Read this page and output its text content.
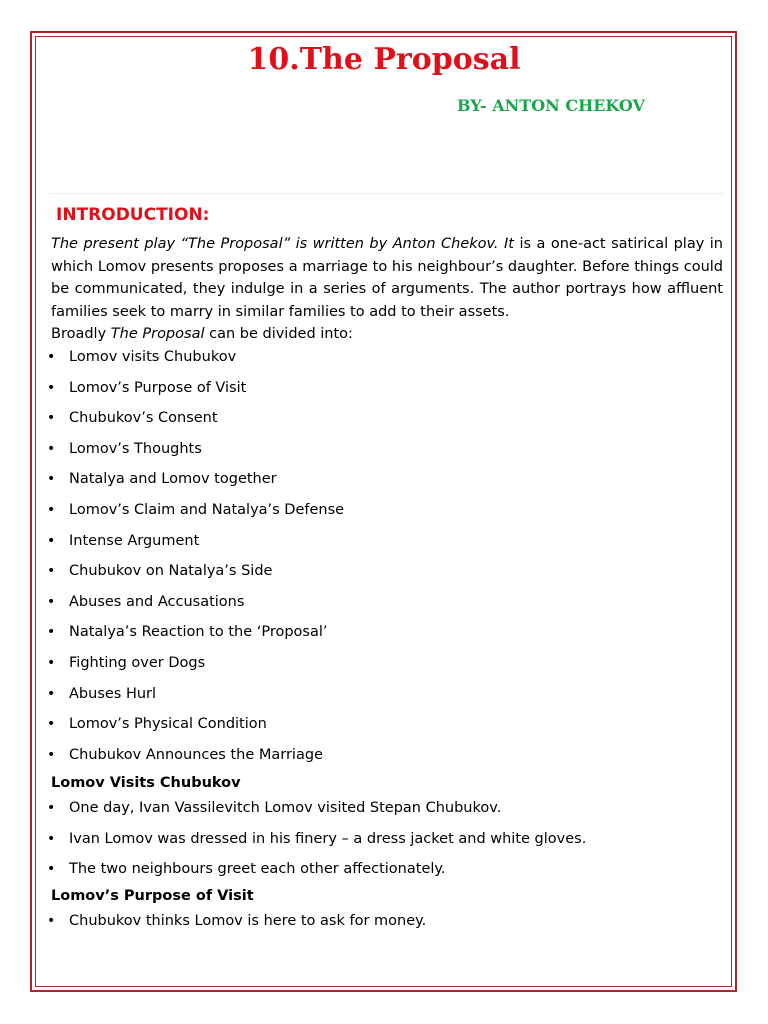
10.The Proposal
BY- ANTON CHEKOV
INTRODUCTION:

The present play “The Proposal” is written by Anton Chekov. It is a one-act satirical play in which Lomov presents proposes a marriage to his neighbour’s daughter. Before things could be communicated, they indulge in a series of arguments. The author portrays how affluent families seek to marry in similar families to add to their assets.

Broadly The Proposal can be divided into:
• Lomov visits Chubukov
• Lomov’s Purpose of Visit
• Chubukov’s Consent
• Lomov’s Thoughts
• Natalya and Lomov together
• Lomov’s Claim and Natalya’s Defense
• Intense Argument
• Chubukov on Natalya’s Side
• Abuses and Accusations
• Natalya’s Reaction to the ‘Proposal’
• Fighting over Dogs
• Abuses Hurl
• Lomov’s Physical Condition
• Chubukov Announces the Marriage
Lomov Visits Chubukov
• One day, Ivan Vassilevitch Lomov visited Stepan Chubukov.
• Ivan Lomov was dressed in his finery – a dress jacket and white gloves.
• The two neighbours greet each other affectionately.
Lomov’s Purpose of Visit
• Chubukov thinks Lomov is here to ask for money.
